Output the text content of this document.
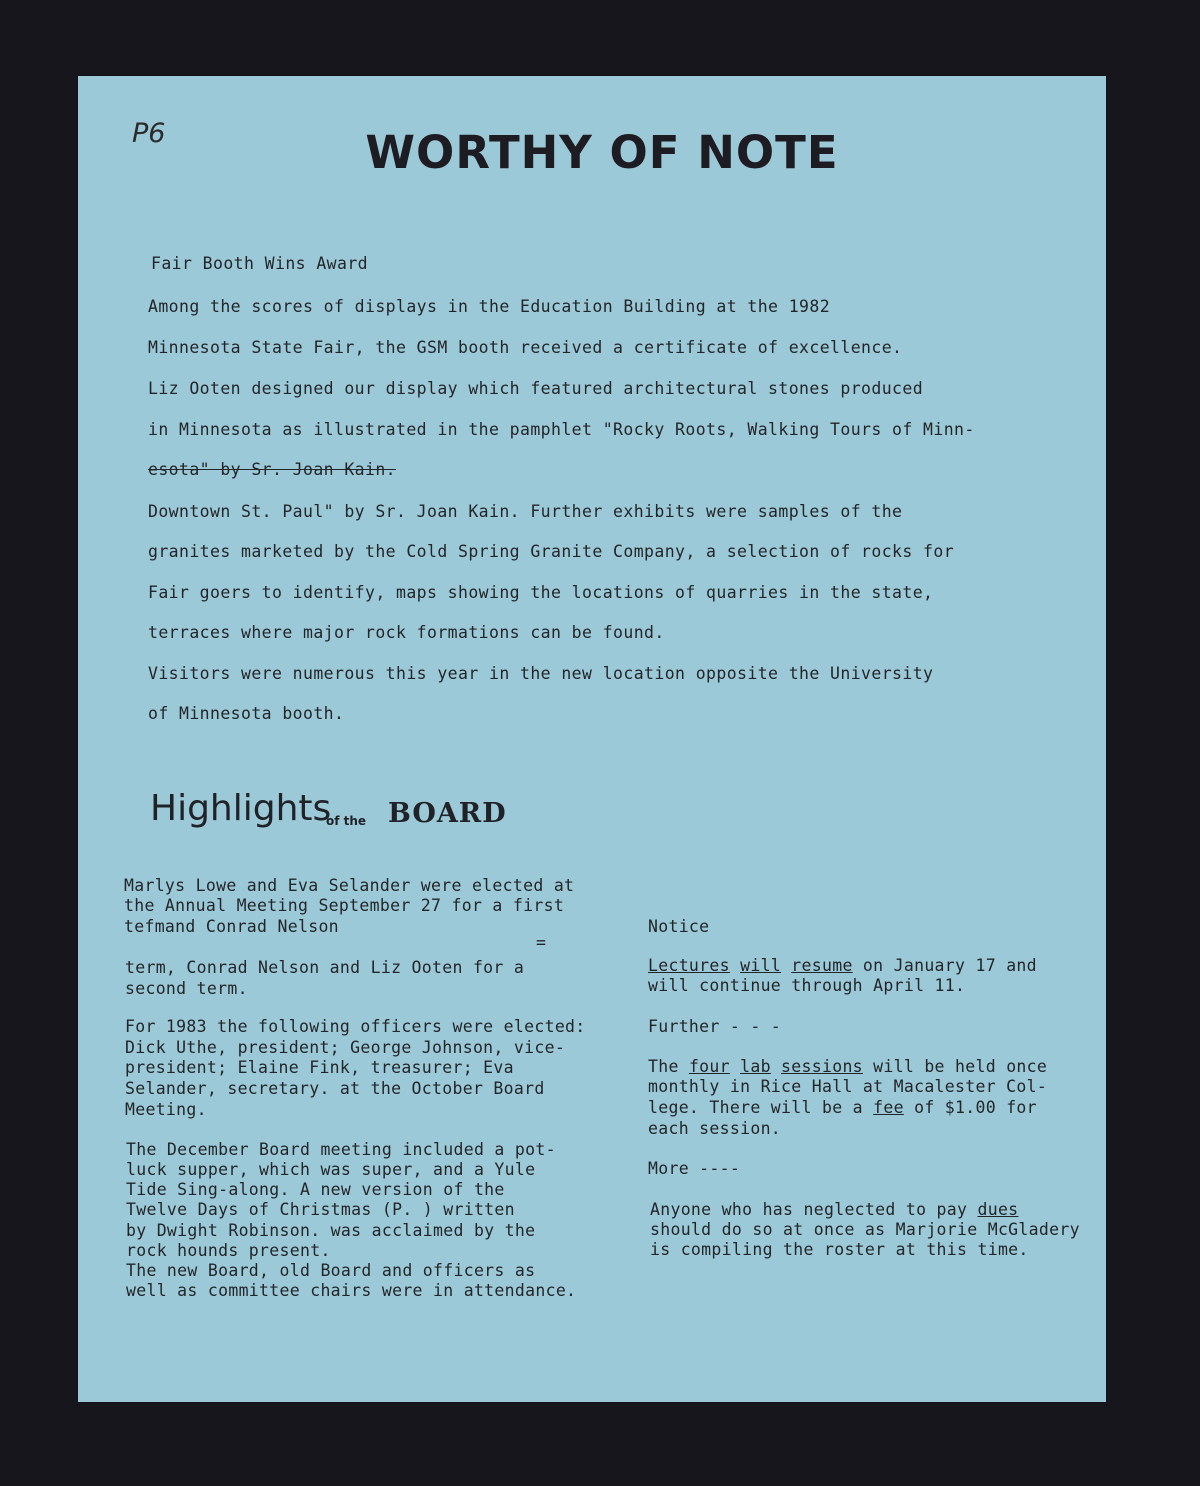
P6	WORTHY OF NOTE
Fair Booth Wins Award
Among the scores of displays in the Education Building at the 1982
Minnesota State Fair, the GSM booth received a certificate of excellence.
Liz Ooten designed our display which featured architectural stones produced
in Minnesota as illustrated in the pamphlet "Rocky Roots, Walking Tours of Minn-
esota" by Sr. Joan Kain.
Downtown St. Paul" by Sr. Joan Kain. Further exhibits were samples of the
granites marketed by the Cold Spring Granite Company, a selection of rocks for
Fair goers to identify, maps showing the locations of quarries in the state,
terraces where major rock formations can be found.
Visitors were numerous this year in the new location opposite the University
of Minnesota booth.
Highlights
of the BOARD
Marlys Lowe and Eva Selander were elected at
the Annual Meeting September 27 for a first
tefmand Conrad Nelson
=
term, Conrad Nelson and Liz Ooten for a
second term.
For 1983 the following officers were elected:
Dick Uthe, president; George Johnson, vice-
president; Elaine Fink, treasurer; Eva
Selander, secretary. at the October Board
Meeting.
The December Board meeting included a pot-
luck supper, which was super, and a Yule
Tide Sing-along. A new version of the
Twelve Days of Christmas (P. ) written
by Dwight Robinson. was acclaimed by the
rock hounds present.
The new Board, old Board and officers as
well as committee chairs were in attendance.
Notice
Lectures will resume on January 17 and
will continue through April 11.
Further - - -
The four lab sessions will be held once
monthly in Rice Hall at Macalester Col-
lege. There will be a fee of $1.00 for
each session.
More ----
Anyone who has neglected to pay dues
should do so at once as Marjorie McGladery
is compiling the roster at this time.
